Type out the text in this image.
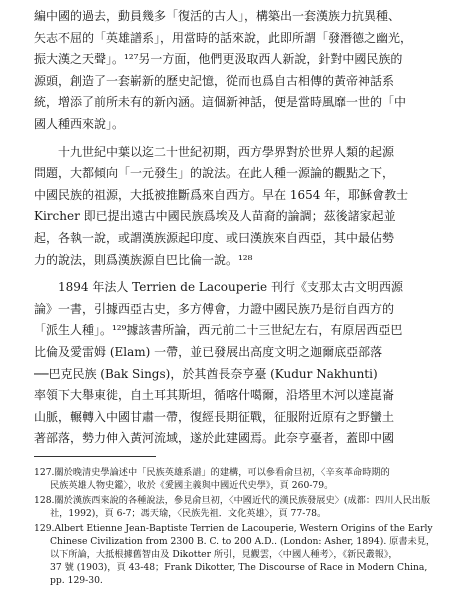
編中國的過去，動員幾多「復活的古人」，構築出一套漢族力抗異種、
矢志不屈的「英雄譜系」，用當時的話來說，此即所謂「發潛德之幽光，
振大漢之天聲」。¹²⁷另一方面，他們更汲取西人新說，針對中國民族的
源頭，創造了一套嶄新的歷史記憶，從而也爲自古相傳的黃帝神話系
統，增添了前所未有的新內涵。這個新神話，便是當時風靡一世的「中
國人種西來說」。
　　十九世紀中葉以迄二十世紀初期，西方學界對於世界人類的起源
問題，大都傾向「一元發生」的說法。在此人種一源論的觀點之下，
中國民族的祖源，大抵被推斷爲來自西方。早在 1654 年，耶穌會教士
Kircher 即已提出遠古中國民族爲埃及人苗裔的論調；茲後諸家起並
起，各執一說，或謂漢族源起印度、或曰漢族來自西亞，其中最佔勢
力的說法，則爲漢族源自巴比倫一說。¹²⁸
　　1894 年法人 Terrien de Lacouperie 刊行《支那太古文明西源
論》一書，引據西亞古史，多方傅會，力證中國民族乃是衍自西方的
「派生人種」。¹²⁹據該書所論，西元前二十三世紀左右，有原居西亞巴
比倫及愛雷姆 (Elam) 一帶，並已發展出高度文明之迦爾底亞部落
──巴克民族 (Bak Sings)，於其酋長奈亨臺 (Kudur Nakhunti)
率領下大舉東徙，自土耳其斯坦，循喀什噶爾，沿塔里木河以達崑崙
山脈，輾轉入中國甘肅一帶，復經長期征戰，征服附近原有之野蠻土
著部落，勢力伸入黃河流域，遂於此建國焉。此奈亨臺者，蓋即中國
127.關於晚清史學論述中「民族英雄系譜」的建構，可以參看俞旦初，〈辛亥革命時期的
民族英雄人物史鑑〉，收於《愛國主義與中國近代史學》，頁 260-79。
128.關於漢族西來說的各種說法，參見俞旦初，〈中國近代的漢民族發展史〉(成都：四川人民出版
社，1992)，頁 6-7；馮天瑜，〈民族先祖．文化英雄〉，頁 77-78。
129.Albert Etienne Jean-Baptiste Terrien de Lacouperie, Western Origins of the Early
Chinese Civilization from 2300 B. C. to 200 A.D.. (London: Asher, 1894). 原書未見，
以下所論，大抵根據舊智由及 Dikotter 所引，見觀雲，〈中國人種考〉，《新民叢報》，
37 號 (1903)，頁 43-48；Frank Dikotter, The Discourse of Race in Modern China,
pp. 129-30.
